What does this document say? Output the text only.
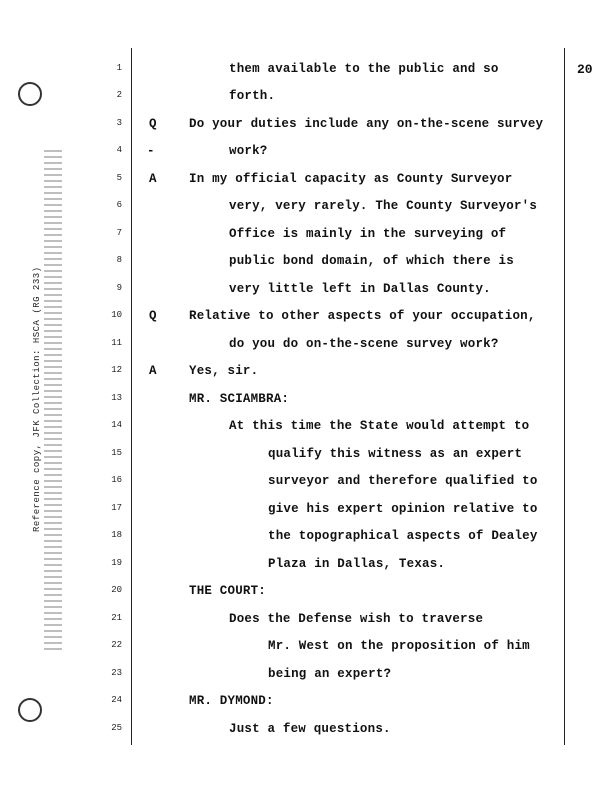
Reference copy, JFK Collection: HSCA (RG 233)
20
1
2
3
4
5
6
7
8
9
10
11
12
13
14
15
16
17
18
19
20
21
22
23
24
25
Q
-
A
Q
A
them available to the public and so
forth.
Do your duties include any on-the-scene survey
work?
In my official capacity as County Surveyor
very, very rarely. The County Surveyor's
Office is mainly in the surveying of
public bond domain, of which there is
very little left in Dallas County.
Relative to other aspects of your occupation,
do you do on-the-scene survey work?
Yes, sir.
MR. SCIAMBRA:
At this time the State would attempt to
qualify this witness as an expert
surveyor and therefore qualified to
give his expert opinion relative to
the topographical aspects of Dealey
Plaza in Dallas, Texas.
THE COURT:
Does the Defense wish to traverse
Mr. West on the proposition of him
being an expert?
MR. DYMOND:
Just a few questions.
